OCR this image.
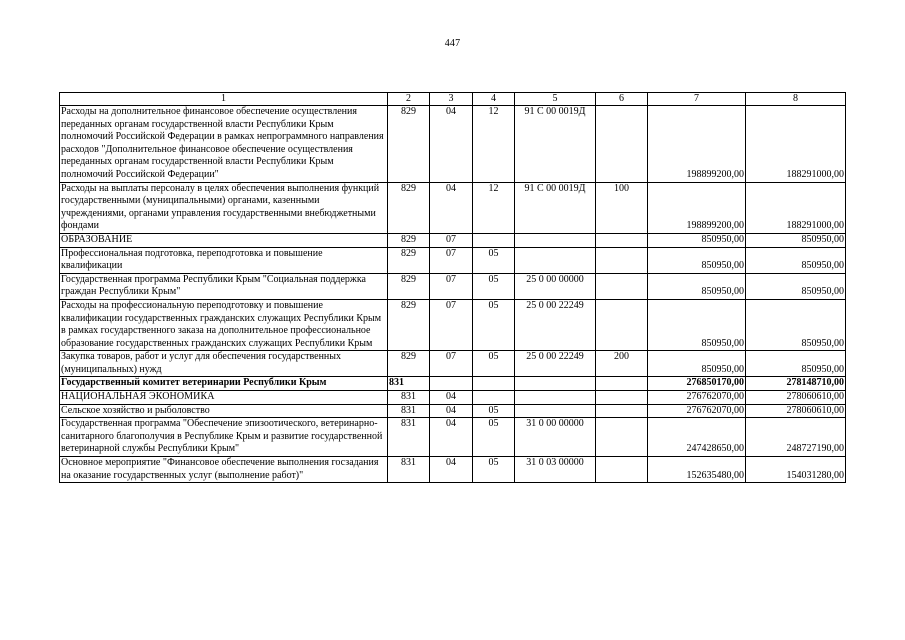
447
1	2	3	4	5	6	7	8
Расходы на дополнительное финансовое обеспечение осуществления переданных органам государственной власти Республики Крым полномочий Российской Федерации в рамках непрограммного направления расходов "Дополнительное финансовое обеспечение осуществления переданных органам государственной власти Республики Крым полномочий Российской Федерации"	829	04	12	91 С 00 0019Д		198899200,00	188291000,00
Расходы на выплаты персоналу в целях обеспечения выполнения функций государственными (муниципальными) органами, казенными учреждениями, органами управления государственными внебюджетными фондами	829	04	12	91 С 00 0019Д	100	198899200,00	188291000,00
ОБРАЗОВАНИЕ	829	07				850950,00	850950,00
Профессиональная подготовка, переподготовка и повышение квалификации	829	07	05			850950,00	850950,00
Государственная программа Республики Крым "Социальная поддержка граждан Республики Крым"	829	07	05	25 0 00 00000		850950,00	850950,00
Расходы на профессиональную переподготовку и повышение квалификации государственных гражданских служащих Республики Крым в рамках государственного заказа на дополнительное профессиональное образование государственных гражданских служащих Республики Крым	829	07	05	25 0 00 22249		850950,00	850950,00
Закупка товаров, работ и услуг для обеспечения государственных (муниципальных) нужд	829	07	05	25 0 00 22249	200	850950,00	850950,00
Государственный комитет ветеринарии Республики Крым	831					276850170,00	278148710,00
НАЦИОНАЛЬНАЯ ЭКОНОМИКА	831	04				276762070,00	278060610,00
Сельское хозяйство и рыболовство	831	04	05			276762070,00	278060610,00
Государственная программа "Обеспечение эпизоотического, ветеринарно-санитарного благополучия в Республике Крым и развитие государственной ветеринарной службы Республики Крым"	831	04	05	31 0 00 00000		247428650,00	248727190,00
Основное мероприятие "Финансовое обеспечение выполнения госзадания на оказание государственных услуг (выполнение работ)"	831	04	05	31 0 03 00000		152635480,00	154031280,00
